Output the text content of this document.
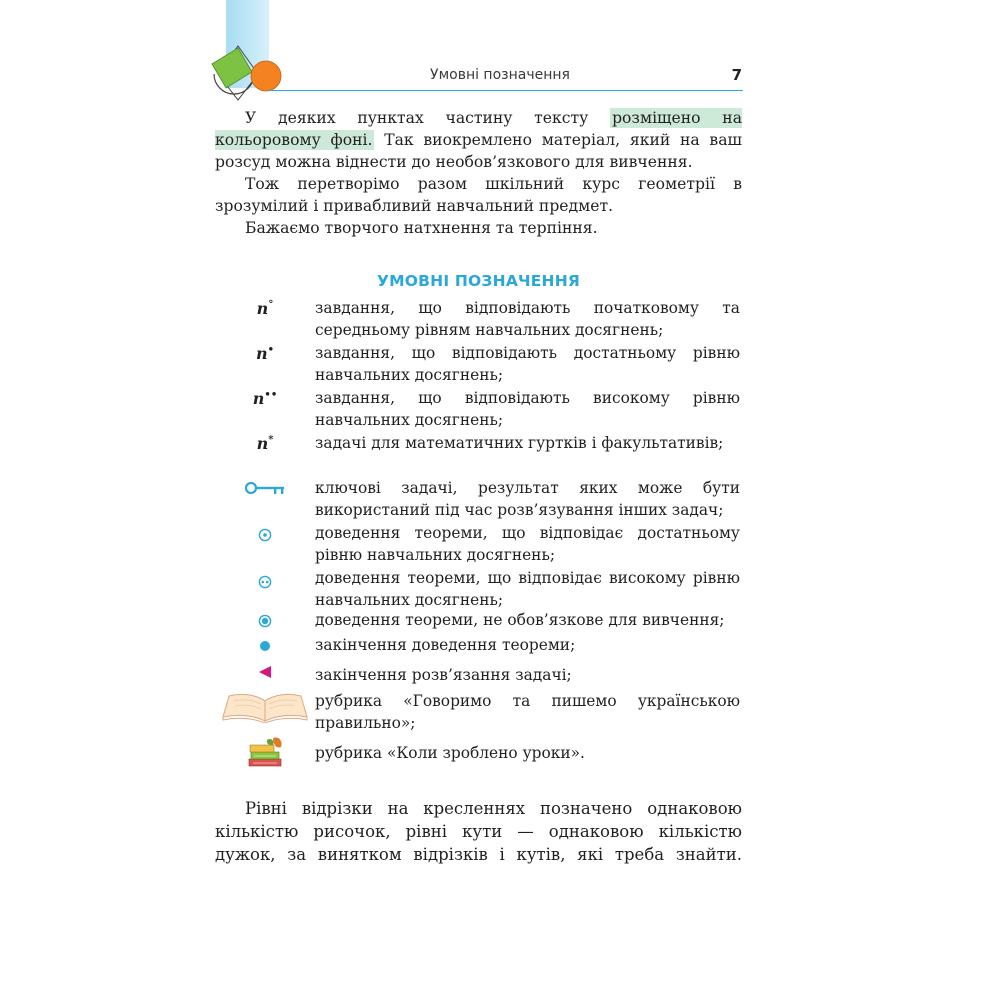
Умовні позначення	7
У деяких пунктах частину тексту розміщено на кольоровому фоні. Так виокремлено матеріал, який на ваш розсуд можна віднести до необов’язкового для вивчення.
Тож перетворімо разом шкільний курс геометрії в зрозумілий і привабливий навчальний предмет.
Бажаємо творчого натхнення та терпіння.
УМОВНІ ПОЗНАЧЕННЯ
n°	завдання, що відповідають початковому та середньому рівням навчальних досягнень;

n•	завдання, що відповідають достатньому рівню навчальних досягнень;

n•• завдання, що відповідають високому рівню навчальних досягнень;

n*	задачі для математичних гуртків і факультативів;

ключові задачі, результат яких може бути використаний під час розв’язування інших задач;

доведення теореми, що відповідає достатньому рівню навчальних досягнень;

доведення теореми, що відповідає високому рівню навчальних досягнень;

доведення теореми, не обов’язкове для вивчення;

закінчення доведення теореми;

закінчення розв’язання задачі;

рубрика «Говоримо та пишемо українською правильно»;

рубрика «Коли зроблено уроки».

Рівні відрізки на кресленнях позначено однаковою кількістю рисочок, рівні кути — однаковою кількістю дужок, за винятком відрізків і кутів, які треба знайти.
